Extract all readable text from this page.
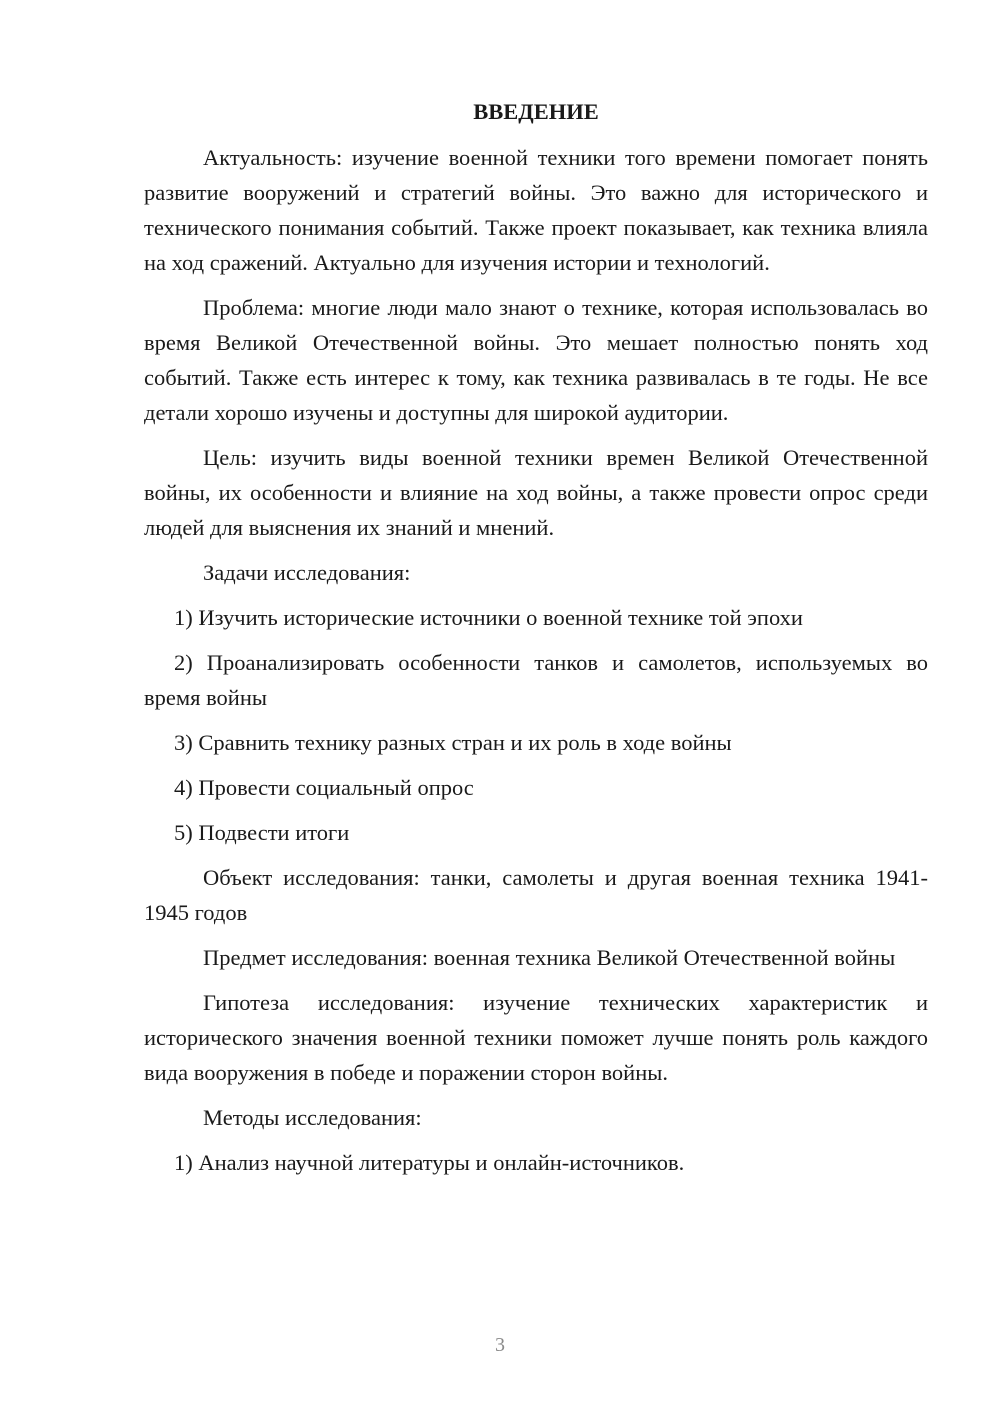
ВВЕДЕНИЕ

Актуальность: изучение военной техники того времени помогает понять развитие вооружений и стратегий войны. Это важно для исторического и технического понимания событий. Также проект показывает, как техника влияла на ход сражений. Актуально для изучения истории и технологий.

Проблема: многие люди мало знают о технике, которая использовалась во время Великой Отечественной войны. Это мешает полностью понять ход событий. Также есть интерес к тому, как техника развивалась в те годы. Не все детали хорошо изучены и доступны для широкой аудитории.

Цель: изучить виды военной техники времен Великой Отечественной войны, их особенности и влияние на ход войны, а также провести опрос среди людей для выяснения их знаний и мнений.

Задачи исследования:

1) Изучить исторические источники о военной технике той эпохи

2) Проанализировать особенности танков и самолетов, используемых во время войны

3) Сравнить технику разных стран и их роль в ходе войны

4) Провести социальный опрос

5) Подвести итоги

Объект исследования: танки, самолеты и другая военная техника 1941-1945 годов

Предмет исследования: военная техника Великой Отечественной войны

Гипотеза исследования: изучение технических характеристик и исторического значения военной техники поможет лучше понять роль каждого вида вооружения в победе и поражении сторон войны.

Методы исследования:

1) Анализ научной литературы и онлайн-источников.

3
